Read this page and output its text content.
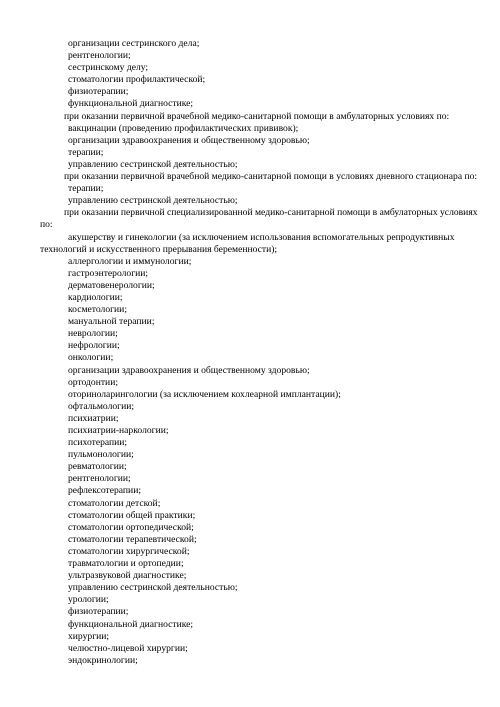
организации сестринского дела;
рентгенологии;
сестринскому делу;
стоматологии профилактической;
физиотерапии;
функциональной диагностике;
при оказании первичной врачебной медико-санитарной помощи в амбулаторных условиях по:
вакцинации (проведению профилактических прививок);
организации здравоохранения и общественному здоровью;
терапии;
управлению сестринской деятельностью;
при оказании первичной врачебной медико-санитарной помощи в условиях дневного стационара по:
терапии;
управлению сестринской деятельностью;
при оказании первичной специализированной медико-санитарной помощи в амбулаторных условиях по:
акушерству и гинекологии (за исключением использования вспомогательных репродуктивных технологий и искусственного прерывания беременности);
аллергологии и иммунологии;
гастроэнтерологии;
дерматовенерологии;
кардиологии;
косметологии;
мануальной терапии;
неврологии;
нефрологии;
онкологии;
организации здравоохранения и общественному здоровью;
ортодонтии;
оториноларингологии (за исключением кохлеарной имплантации);
офтальмологии;
психиатрии;
психиатрии-наркологии;
психотерапии;
пульмонологии;
ревматологии;
рентгенологии;
рефлексотерапии;
стоматологии детской;
стоматологии общей практики;
стоматологии ортопедической;
стоматологии терапевтической;
стоматологии хирургической;
травматологии и ортопедии;
ультразвуковой диагностике;
управлению сестринской деятельностью;
урологии;
физиотерапии;
функциональной диагностике;
хирургии;
челюстно-лицевой хирургии;
эндокринологии;
